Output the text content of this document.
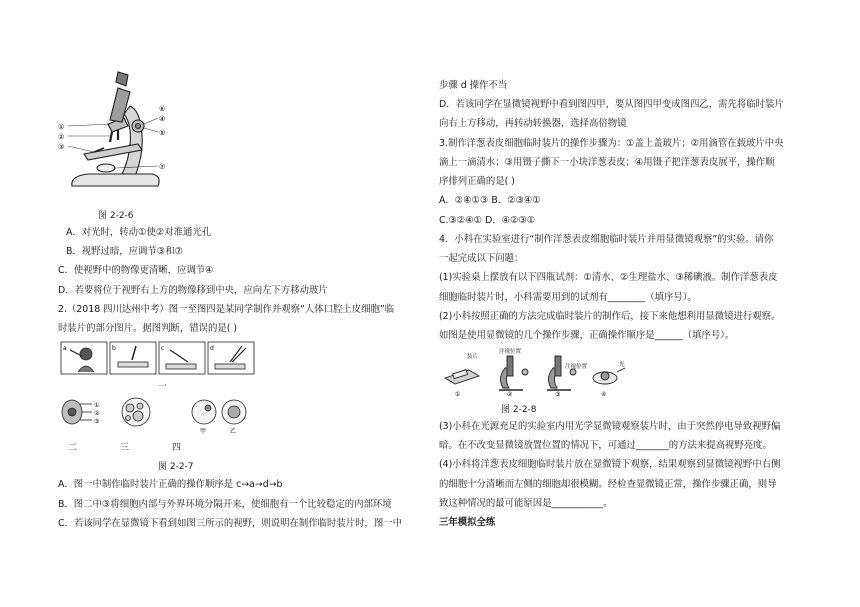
①
②
③
④
⑤
⑥
⑦
图 2-2-6
A．对光时，转动①使②对准通光孔
B．视野过暗，应调节③和⑦
C．使视野中的物像更清晰，应调节④
D．若要将位于视野右上方的物像移到中央，应向左下方移动玻片
2.（2018 四川达州中考）图一至图四是某同学制作并观察“人体口腔上皮细胞”临
时装片的部分图片。据图判断，错误的是( )
a	b	c	d
一
①
②
③
甲	乙
二	三	四
图 2-2-7
A．图一中制作临时装片正确的操作顺序是 c→a→d→b
B．图二中③将细胞内部与外界环境分隔开来，使细胞有一个比较稳定的内部环境
C．若该同学在显微镜下看到如图三所示的视野，则说明在制作临时装片时，图一中
步骤 d 操作不当
D．若该同学在显微镜视野中看到图四甲，要从图四甲变成图四乙，需先将临时装片
向右上方移动，再转动转换器，选择高倍物镜
3.制作洋葱表皮细胞临时装片的操作步骤为：①盖上盖玻片；②用滴管在载玻片中央
滴上一滴清水；③用镊子撕下一小块洋葱表皮；④用镊子把洋葱表皮展平，操作顺
序排列正确的是( )
A．②④①③ B．②③④①
C.③②④① D．④②③①
4．小科在实验室进行“制作洋葱表皮细胞临时装片并用显微镜观察”的实验。请你
一起完成以下问题：
(1)实验桌上摆放有以下四瓶试剂：①清水、②生理盐水、③稀碘液。制作洋葱表皮
细胞临时装片时，小科需要用到的试剂有________（填序号）。
(2)小科按照正确的方法完成临时装片的制作后，接下来他想利用显微镜进行观察。
如图是使用显微镜的几个操作步骤，正确操作顺序是______（填序号）。
装片
注视位置
注视位置	光
①	②	③	④
图 2-2-8
(3)小科在光源充足的实验室内用光学显微镜观察装片时，由于突然停电导致视野偏
暗。在不改变显微镜放置位置的情况下，可通过_______的方法来提高视野亮度。
(4)小科将洋葱表皮细胞临时装片放在显微镜下观察，结果观察到显微镜视野中右侧
的细胞十分清晰而左侧的细胞却很模糊。经检查显微镜正常，操作步骤正确，则导
致这种情况的最可能原因是___________。
三年模拟全练
